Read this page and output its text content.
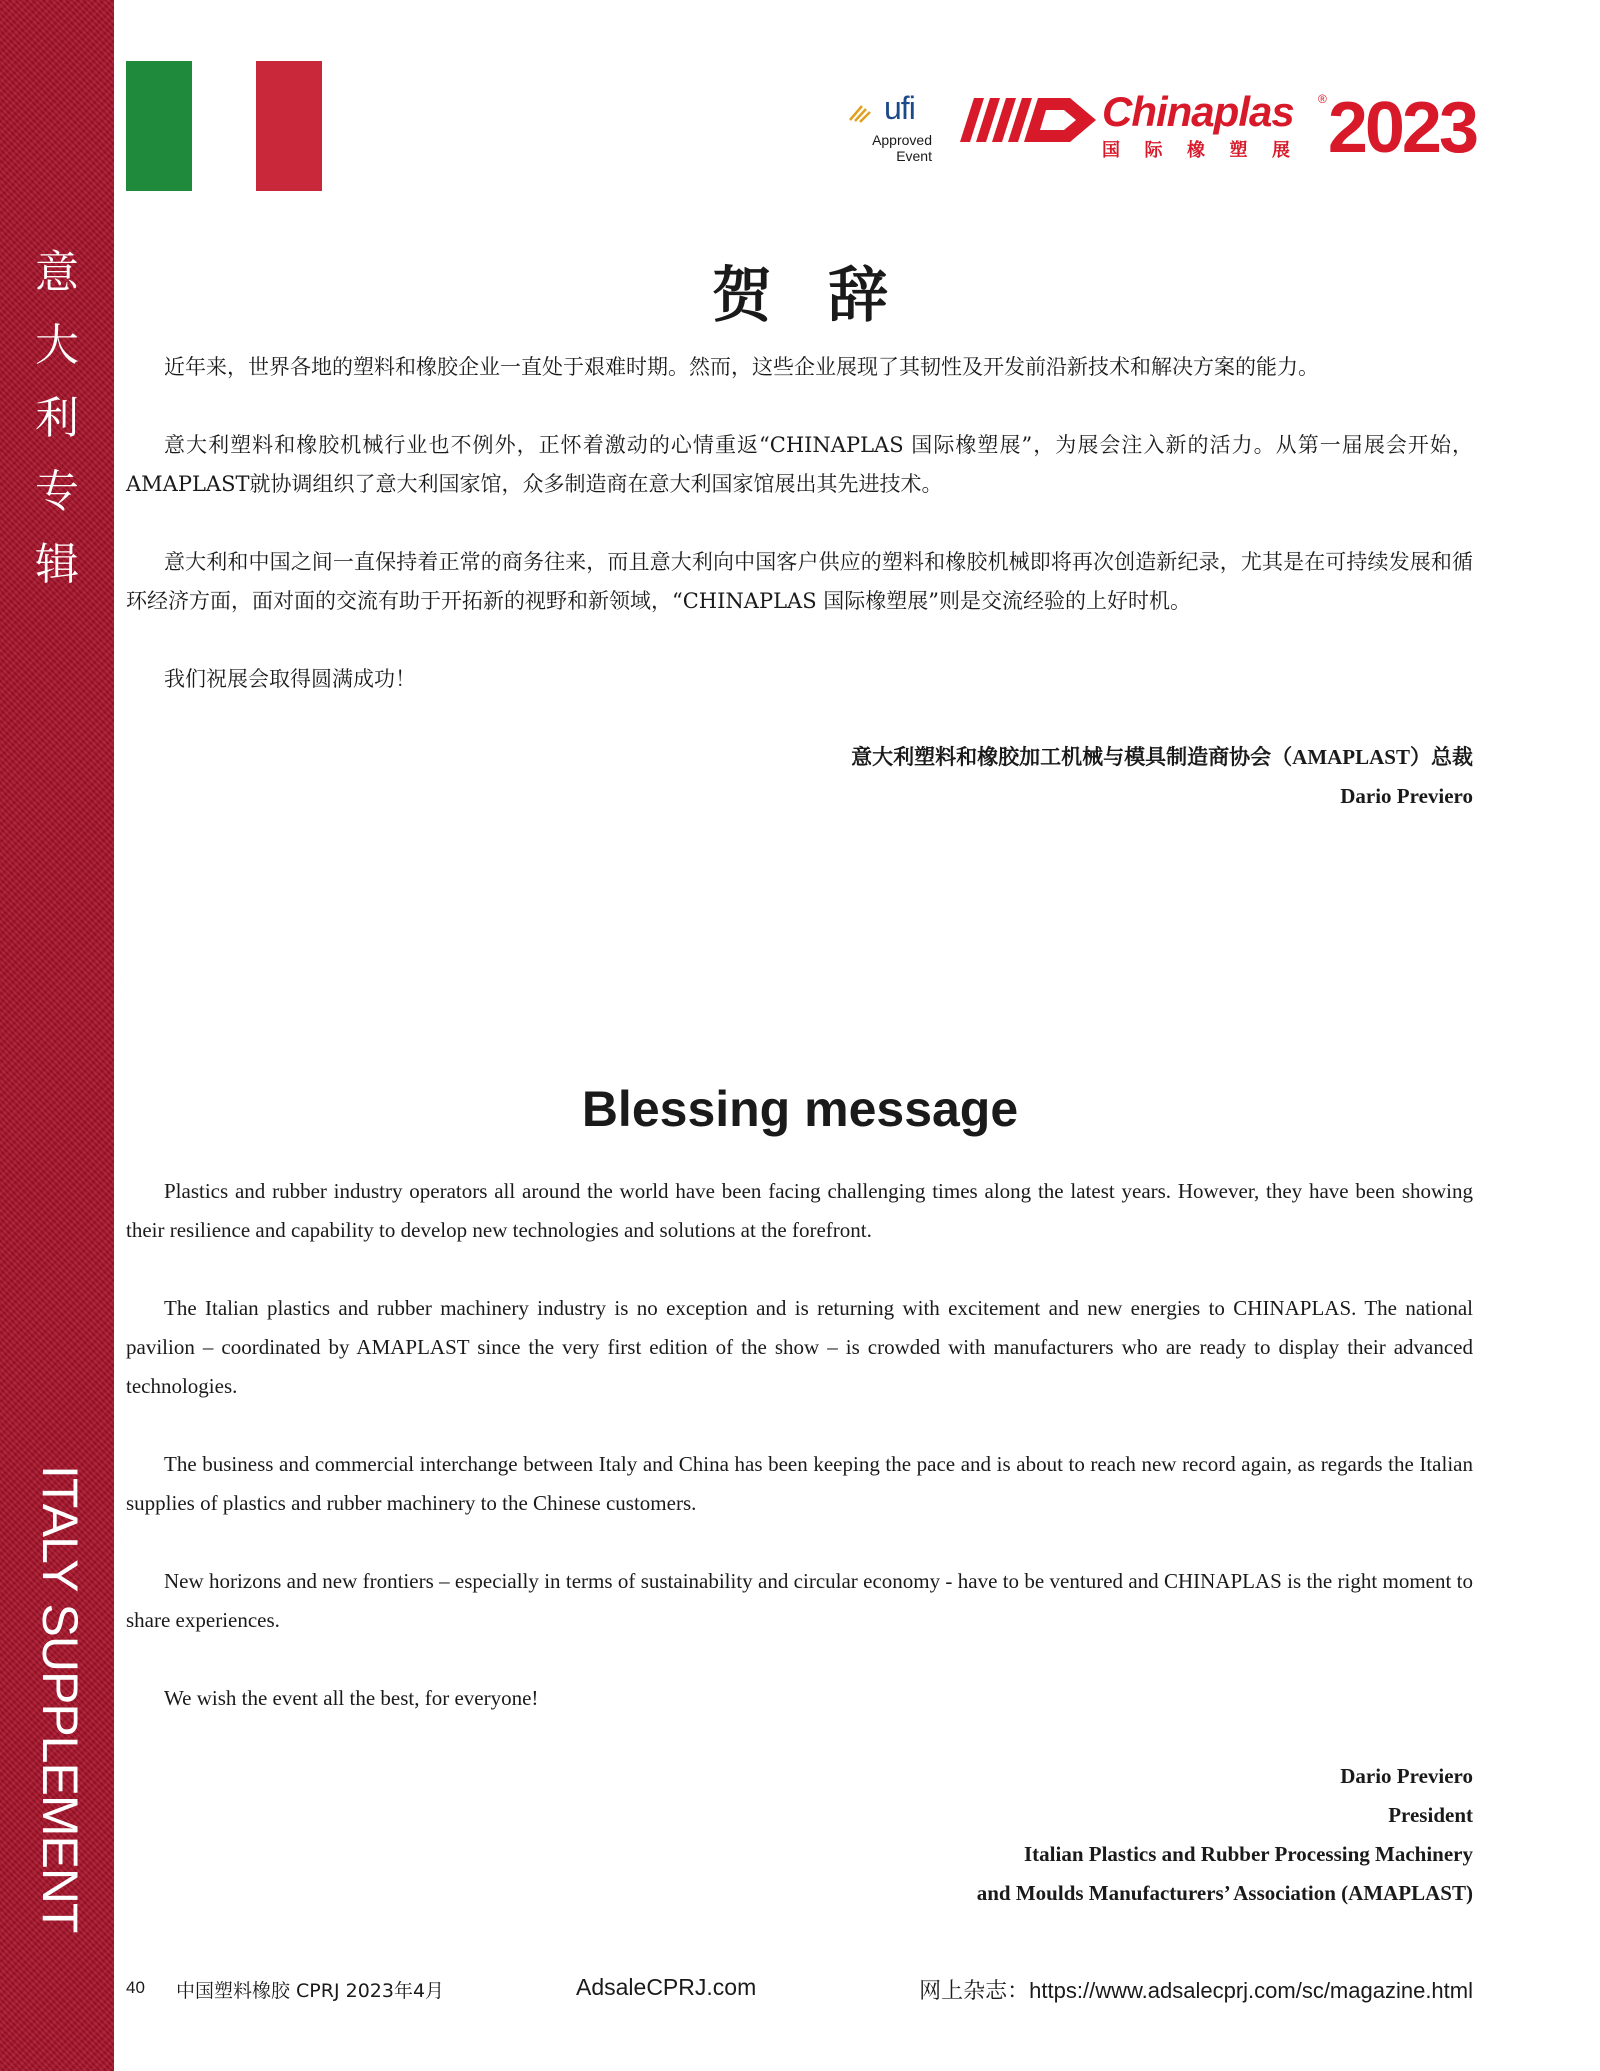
意
大
利
专
辑
ITALY SUPPLEMENT
ufi
Approved
Event
Chinaplas ®
国 际 橡 塑 展 2023
贺辞

近年来，世界各地的塑料和橡胶企业一直处于艰难时期。然而，这些企业展现了其韧性及开发前沿新技术和解决方案的能力。

意大利塑料和橡胶机械行业也不例外，正怀着激动的心情重返“CHINAPLAS 国际橡塑展”，为展会注入新的活力。从第一届展会开始，AMAPLAST就协调组织了意大利国家馆，众多制造商在意大利国家馆展出其先进技术。

意大利和中国之间一直保持着正常的商务往来，而且意大利向中国客户供应的塑料和橡胶机械即将再次创造新纪录，尤其是在可持续发展和循环经济方面，面对面的交流有助于开拓新的视野和新领域，“CHINAPLAS 国际橡塑展”则是交流经验的上好时机。

我们祝展会取得圆满成功！

意大利塑料和橡胶加工机械与模具制造商协会（AMAPLAST）总裁

Dario Previero

Blessing message

Plastics and rubber industry operators all around the world have been facing challenging times along the latest years. However, they have been showing their resilience and capability to develop new technologies and solutions at the forefront.

The Italian plastics and rubber machinery industry is no exception and is returning with excitement and new energies to CHINAPLAS. The national pavilion – coordinated by AMAPLAST since the very first edition of the show – is crowded with manufacturers who are ready to display their advanced technologies.

The business and commercial interchange between Italy and China has been keeping the pace and is about to reach new record again, as regards the Italian supplies of plastics and rubber machinery to the Chinese customers.

New horizons and new frontiers – especially in terms of sustainability and circular economy - have to be ventured and CHINAPLAS is the right moment to share experiences.

We wish the event all the best, for everyone!

Dario Previero

President

Italian Plastics and Rubber Processing Machinery

and Moulds Manufacturers’ Association (AMAPLAST)

40 中国塑料橡胶 CPRJ 2023年4月	AdsaleCPRJ.com	网上杂志：https://www.adsalecprj.com/sc/magazine.html
